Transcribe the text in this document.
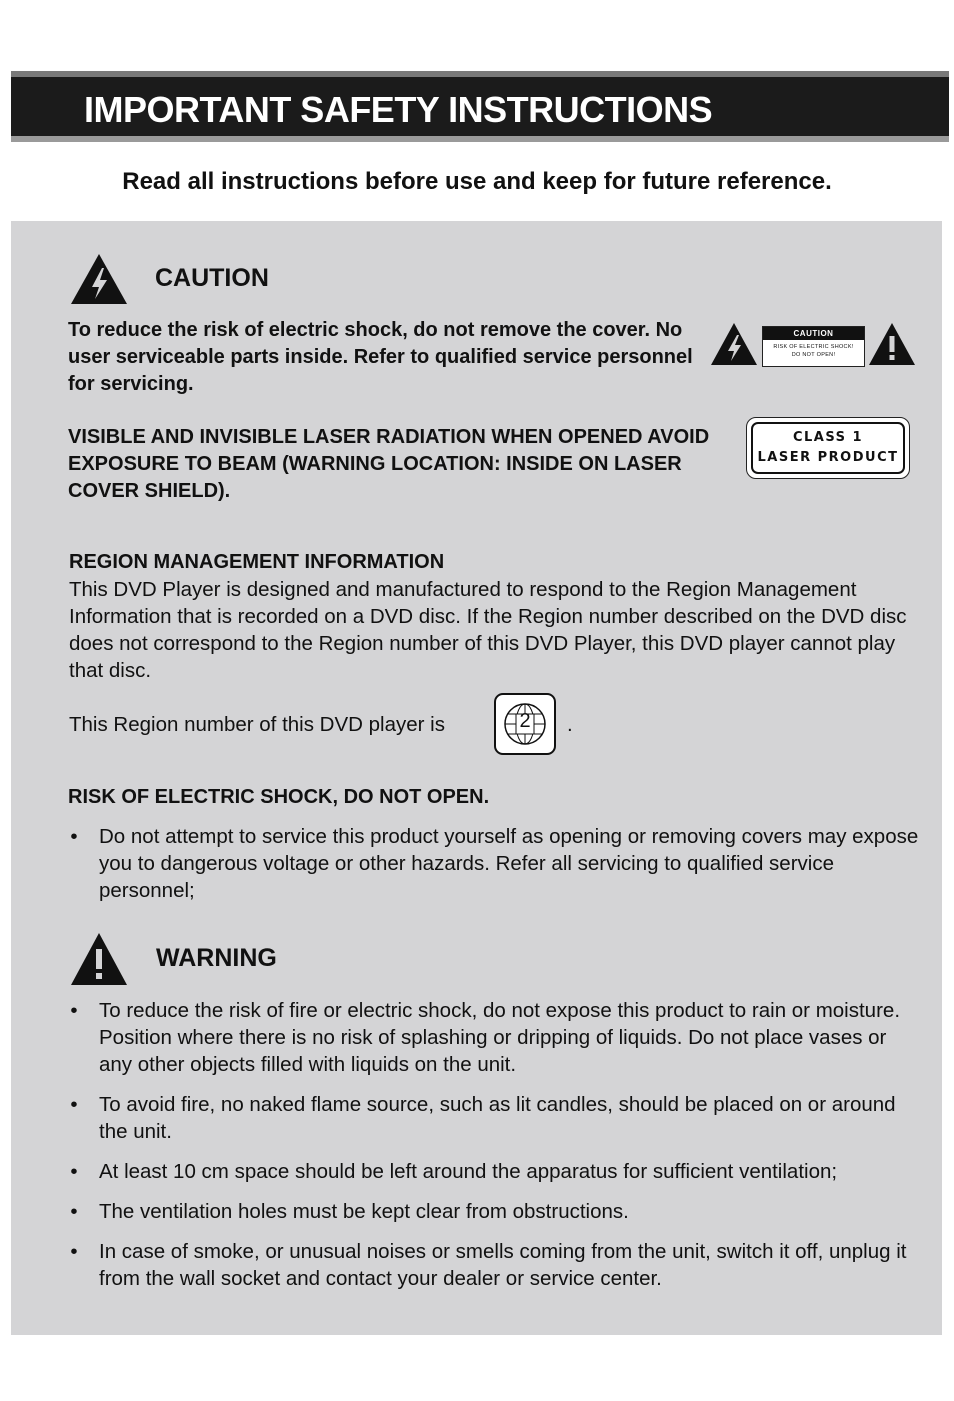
IMPORTANT SAFETY INSTRUCTIONS
Read all instructions before use and keep for future reference.
CAUTION
To reduce the risk of electric shock, do not remove the cover. No user serviceable parts inside. Refer to qualified service personnel for servicing.
CAUTION
RISK OF ELECTRIC SHOCK!
DO NOT OPEN!
VISIBLE AND INVISIBLE LASER RADIATION WHEN OPENED AVOID EXPOSURE TO BEAM (WARNING LOCATION: INSIDE ON LASER COVER SHIELD).
CLASS 1
LASER PRODUCT
REGION MANAGEMENT INFORMATION
This DVD Player is designed and manufactured to respond to the Region Management Information that is recorded on a DVD disc. If the Region number described on the DVD disc does not correspond to the Region number of this DVD Player, this DVD player cannot play that disc.
This Region number of this DVD player is	2	.
RISK OF ELECTRIC SHOCK, DO NOT OPEN.
• Do not attempt to service this product yourself as opening or removing covers may expose you to dangerous voltage or other hazards. Refer all servicing to qualified service personnel;
WARNING
• To reduce the risk of fire or electric shock, do not expose this product to rain or moisture. Position where there is no risk of splashing or dripping of liquids. Do not place vases or any other objects filled with liquids on the unit.
• To avoid fire, no naked flame source, such as lit candles, should be placed on or around the unit.
• At least 10 cm space should be left around the apparatus for sufficient ventilation;
• The ventilation holes must be kept clear from obstructions.
• In case of smoke, or unusual noises or smells coming from the unit, switch it off, unplug it from the wall socket and contact your dealer or service center.
